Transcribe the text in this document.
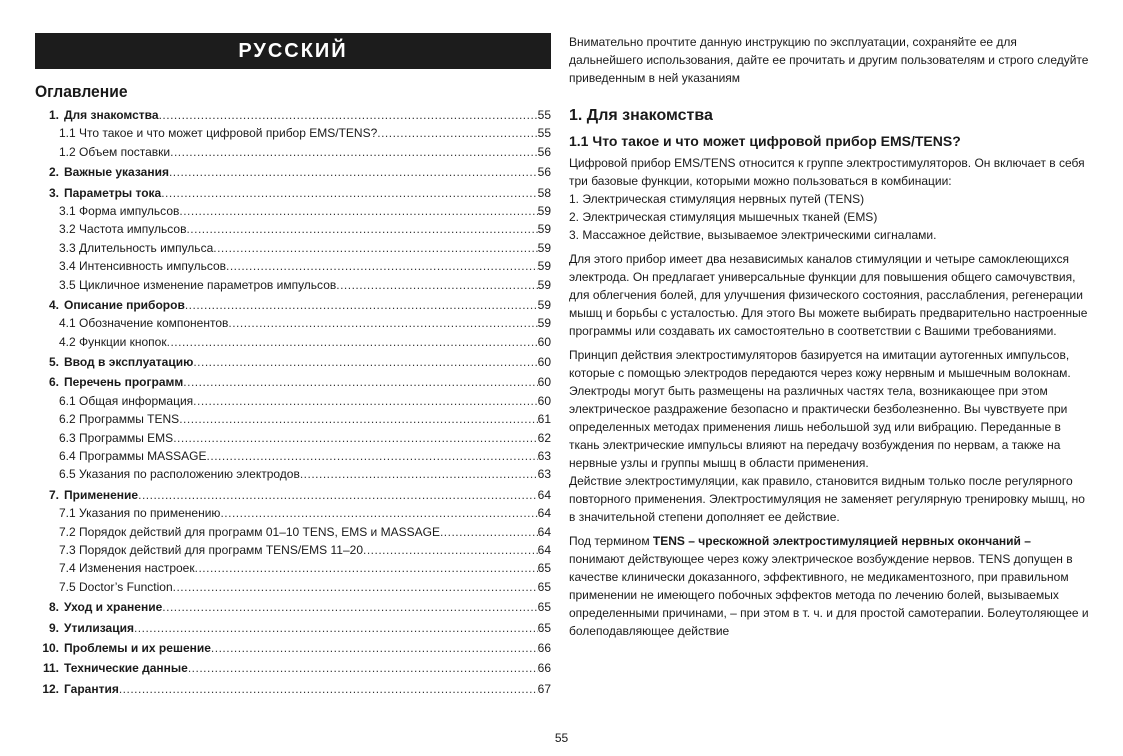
РУССКИЙ
Оглавление
1. Для знакомства .....	55
1.1 Что такое и что может цифровой прибор EMS/TENS? .....	55
1.2 Объем поставки .....	56
2. Важные указания .....	56
3. Параметры тока .....	58
3.1 Форма импульсов .....	59
3.2 Частота импульсов .....	59
3.3 Длительность импульса .....	59
3.4 Интенсивность импульсов .....	59
3.5 Цикличное изменение параметров импульсов .....	59
4. Описание приборов .....	59
4.1 Обозначение компонентов .....	59
4.2 Функции кнопок .....	60
5. Ввод в эксплуатацию .....	60
6. Перечень программ .....	60
6.1 Общая информация .....	60
6.2 Программы TENS .....	61
6.3 Программы EMS .....	62
6.4 Программы MASSAGE .....	63
6.5 Указания по расположению электродов .....	63
7. Применение .....	64
7.1 Указания по применению .....	64
7.2 Порядок действий для программ 01–10 TENS, EMS и MASSAGE .....	64
7.3 Порядок действий для программ TENS/EMS 11–20 .....	64
7.4 Изменения настроек .....	65
7.5 Doctor’s Function .....	65
8. Уход и хранение .....	65
9. Утилизация .....	65
10. Проблемы и их решение .....	66
11. Технические данные .....	66
12. Гарантия .....	67

Внимательно прочтите данную инструкцию по эксплуатации, сохраняйте ее для дальнейшего использования, дайте ее прочитать и другим пользователям и строго следуйте приведенным в ней указаниям

1. Для знакомства
1.1 Что такое и что может цифровой прибор EMS/TENS?

Цифровой прибор EMS/TENS относится к группе электростимуляторов. Он включает в себя три базовые функции, которыми можно пользоваться в комбинации:

1. Электрическая стимуляция нервных путей (TENS)
2. Электрическая стимуляция мышечных тканей (EMS)
3. Массажное действие, вызываемое электрическими сигналами.

Для этого прибор имеет два независимых каналов стимуляции и четыре самоклеющихся электрода. Он предлагает универсальные функции для повышения общего самочувствия, для облегчения болей, для улучшения физического состояния, расслабления, регенерации мышц и борьбы с усталостью. Для этого Вы можете выбирать предварительно настроенные программы или создавать их самостоятельно в соответствии с Вашими требованиями.

Принцип действия электростимуляторов базируется на имитации аутогенных импульсов, которые с помощью электродов передаются через кожу нервным и мышечным волокнам. Электроды могут быть размещены на различных частях тела, возникающее при этом электрическое раздражение безопасно и практически безболезненно. Вы чувствуете при определенных методах применения лишь небольшой зуд или вибрацию. Переданные в ткань электрические импульсы влияют на передачу возбуждения по нервам, а также на нервные узлы и группы мышц в области применения.

Действие электростимуляции, как правило, становится видным только после регулярного повторного применения. Электростимуляция не заменяет регулярную тренировку мышц, но в значительной степени дополняет ее действие.

Под термином TENS – чрескожной электростимуляцией нервных окончаний – понимают действующее через кожу электрическое возбуждение нервов. TENS допущен в качестве клинически доказанного, эффективного, не медикаментозного, при правильном применении не имеющего побочных эффектов метода по лечению болей, вызываемых определенными причинами, – при этом в т. ч. и для простой самотерапии. Болеутоляющее и болеподавляющее действие

55
